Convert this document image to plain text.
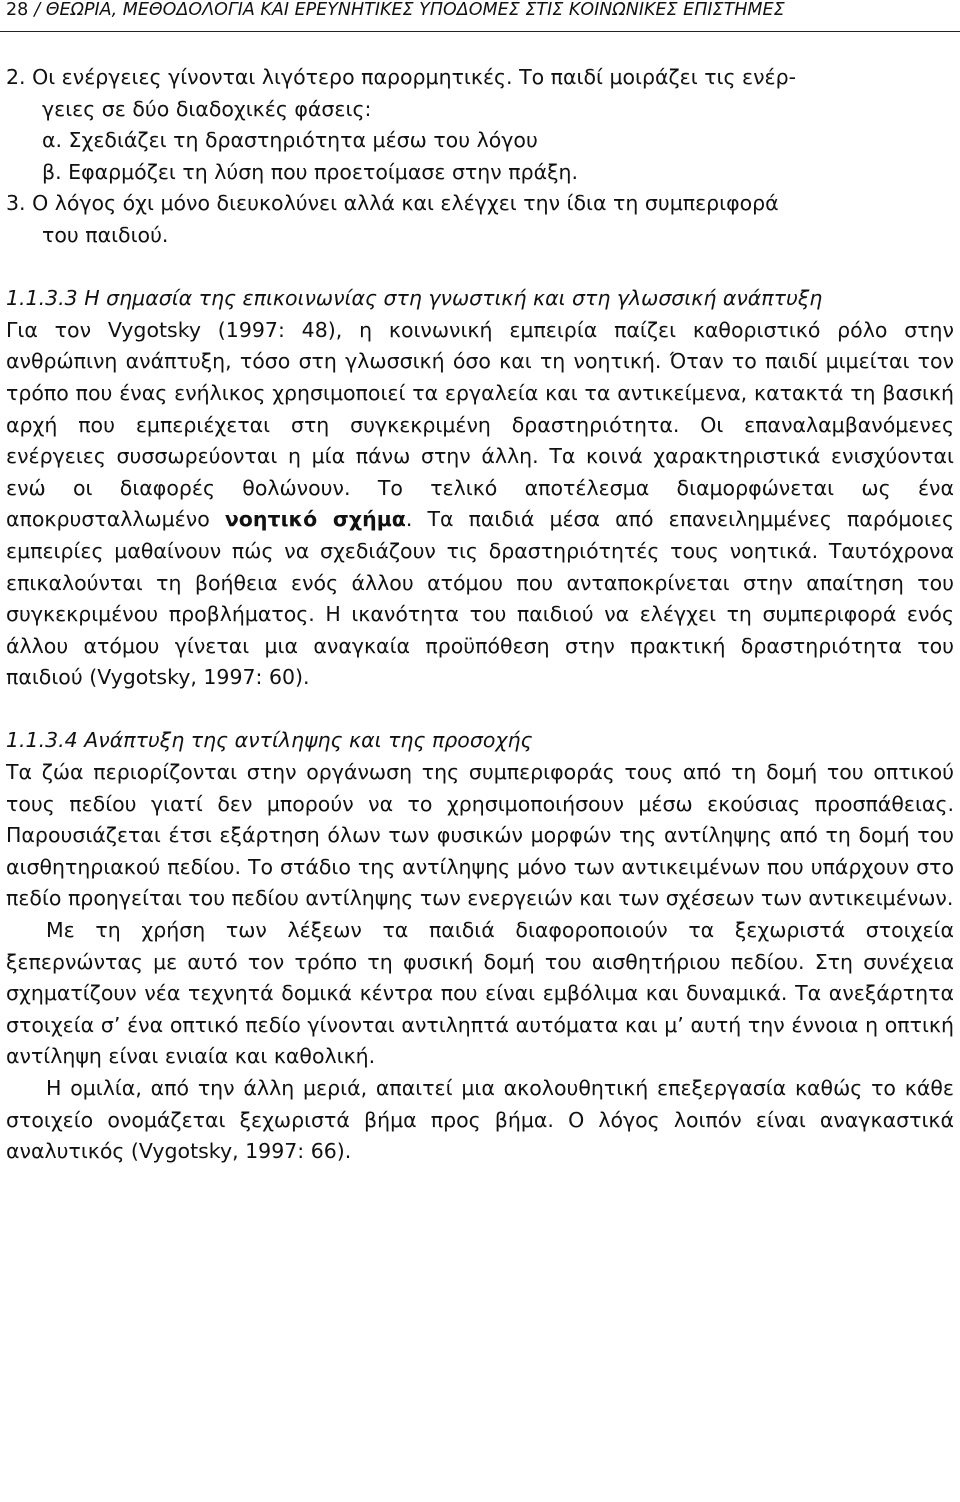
28 / ΘΕΩΡΙΑ, ΜΕΘΟΔΟΛΟΓΙΑ ΚΑΙ ΕΡΕΥΝΗΤΙΚΕΣ ΥΠΟΔΟΜΕΣ ΣΤΙΣ ΚΟΙΝΩΝΙΚΕΣ ΕΠΙΣΤΗΜΕΣ
2. Οι ενέργειες γίνονται λιγότερο παρορμητικές. Το παιδί μοιράζει τις ενέρ-
γειες σε δύο διαδοχικές φάσεις:
α. Σχεδιάζει τη δραστηριότητα μέσω του λόγου
β. Εφαρμόζει τη λύση που προετοίμασε στην πράξη.
3. Ο λόγος όχι μόνο διευκολύνει αλλά και ελέγχει την ίδια τη συμπεριφορά
του παιδιού.
1.1.3.3 Η σημασία της επικοινωνίας στη γνωστική και στη γλωσσική ανάπτυξη

Για τον Vygotsky (1997: 48), η κοινωνική εμπειρία παίζει καθοριστικό ρόλο στην ανθρώπινη ανάπτυξη, τόσο στη γλωσσική όσο και τη νοητική. Όταν το παιδί μιμείται τον τρόπο που ένας ενήλικος χρησιμοποιεί τα εργαλεία και τα αντικείμενα, κατακτά τη βασική αρχή που εμπεριέχεται στη συγκεκριμένη δραστηριότητα. Οι επαναλαμβανόμενες ενέργειες συσσωρεύονται η μία πάνω στην άλλη. Τα κοινά χαρακτηριστικά ενισχύονται ενώ οι διαφορές θολώνουν. Το τελικό αποτέλεσμα διαμορφώνεται ως ένα αποκρυσταλλωμένο νοητικό σχήμα. Τα παιδιά μέσα από επανειλημμένες παρόμοιες εμπειρίες μαθαίνουν πώς να σχεδιάζουν τις δραστηριότητές τους νοητικά. Ταυτόχρονα επικαλούνται τη βοήθεια ενός άλλου ατόμου που ανταποκρίνεται στην απαίτηση του συγκεκριμένου προβλήματος. Η ικανότητα του παιδιού να ελέγχει τη συμπεριφορά ενός άλλου ατόμου γίνεται μια αναγκαία προϋπόθεση στην πρακτική δραστηριότητα του παιδιού (Vygotsky, 1997: 60).

1.1.3.4 Ανάπτυξη της αντίληψης και της προσοχής

Τα ζώα περιορίζονται στην οργάνωση της συμπεριφοράς τους από τη δομή του οπτικού τους πεδίου γιατί δεν μπορούν να το χρησιμοποιήσουν μέσω εκούσιας προσπάθειας. Παρουσιάζεται έτσι εξάρτηση όλων των φυσικών μορφών της αντίληψης από τη δομή του αισθητηριακού πεδίου. Το στάδιο της αντίληψης μόνο των αντικειμένων που υπάρχουν στο πεδίο προηγείται του πεδίου αντίληψης των ενεργειών και των σχέσεων των αντικειμένων.

Με τη χρήση των λέξεων τα παιδιά διαφοροποιούν τα ξεχωριστά στοιχεία ξεπερνώντας με αυτό τον τρόπο τη φυσική δομή του αισθητήριου πεδίου. Στη συνέχεια σχηματίζουν νέα τεχνητά δομικά κέντρα που είναι εμβόλιμα και δυναμικά. Τα ανεξάρτητα στοιχεία σ’ ένα οπτικό πεδίο γίνονται αντιληπτά αυτόματα και μ’ αυτή την έννοια η οπτική αντίληψη είναι ενιαία και καθολική.

Η ομιλία, από την άλλη μεριά, απαιτεί μια ακολουθητική επεξεργασία καθώς το κάθε στοιχείο ονομάζεται ξεχωριστά βήμα προς βήμα. Ο λόγος λοιπόν είναι αναγκαστικά αναλυτικός (Vygotsky, 1997: 66).
